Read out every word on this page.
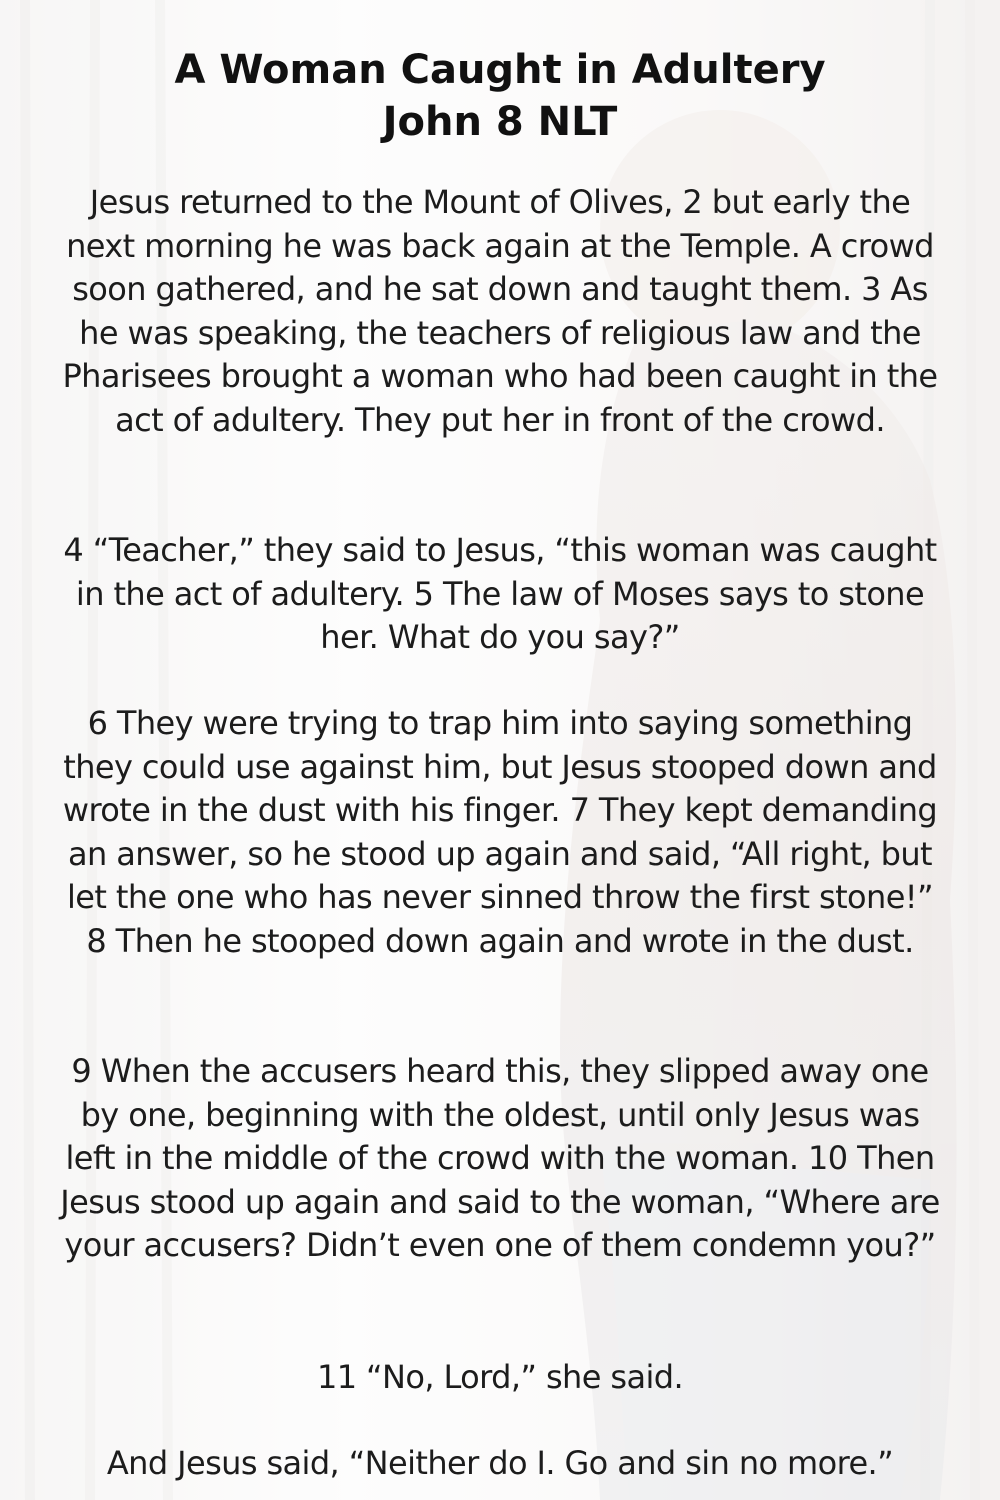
A Woman Caught in Adultery
John 8 NLT

Jesus returned to the Mount of Olives, 2 but early the next morning he was back again at the Temple. A crowd soon gathered, and he sat down and taught them. 3 As he was speaking, the teachers of religious law and the Pharisees brought a woman who had been caught in the act of adultery. They put her in front of the crowd.

4 “Teacher,” they said to Jesus, “this woman was caught in the act of adultery. 5 The law of Moses says to stone her. What do you say?”

6 They were trying to trap him into saying something they could use against him, but Jesus stooped down and wrote in the dust with his finger. 7 They kept demanding an answer, so he stood up again and said, “All right, but let the one who has never sinned throw the first stone!” 8 Then he stooped down again and wrote in the dust.

9 When the accusers heard this, they slipped away one by one, beginning with the oldest, until only Jesus was left in the middle of the crowd with the woman. 10 Then Jesus stood up again and said to the woman, “Where are your accusers? Didn’t even one of them condemn you?”

11 “No, Lord,” she said.

And Jesus said, “Neither do I. Go and sin no more.”
